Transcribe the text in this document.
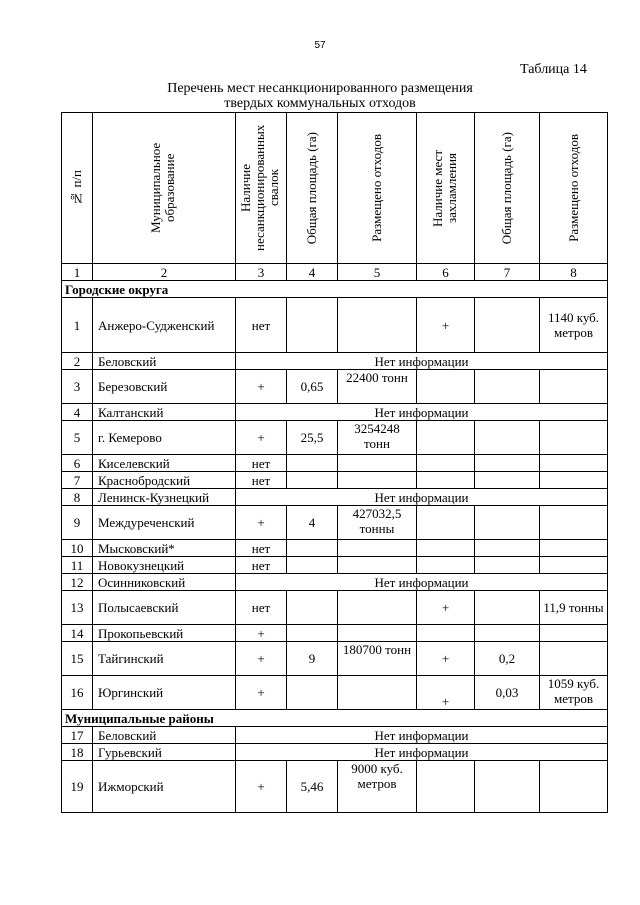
57
Таблица 14
Перечень мест несанкционированного размещения
твердых коммунальных отходов
№ п/п	Муниципальное образование	Наличие несанкционированных свалок	Общая площадь (га)	Размещено отходов	Наличие мест захламления	Общая площадь (га)	Размещено отходов

1	2	3	4	5	6	7	8
Городские округа							
1	Анжеро-Судженский	нет			+		1140 куб. метров
2	Беловский	Нет информации					
3	Березовский	+	0,65	22400 тонн			
4	Калтанский	Нет информации					
5	г. Кемерово	+	25,5	3254248 тонн			
6	Киселевский	нет					
7	Краснобродский	нет					
8	Ленинск-Кузнецкий	Нет информации					
9	Междуреченский	+	4	427032,5 тонны			
10	Мысковский*	нет					
11	Новокузнецкий	нет					
12	Осинниковский	Нет информации					
13	Полысаевский	нет			+		11,9 тонны
14	Прокопьевский	+					
15	Тайгинский	+	9	180700 тонн	+	0,2	
16	Юргинский	+			+	0,03	1059 куб. метров
Муниципальные районы							
17	Беловский	Нет информации					
18	Гурьевский	Нет информации					
19	Ижморский	+	5,46	9000 куб. метров			
